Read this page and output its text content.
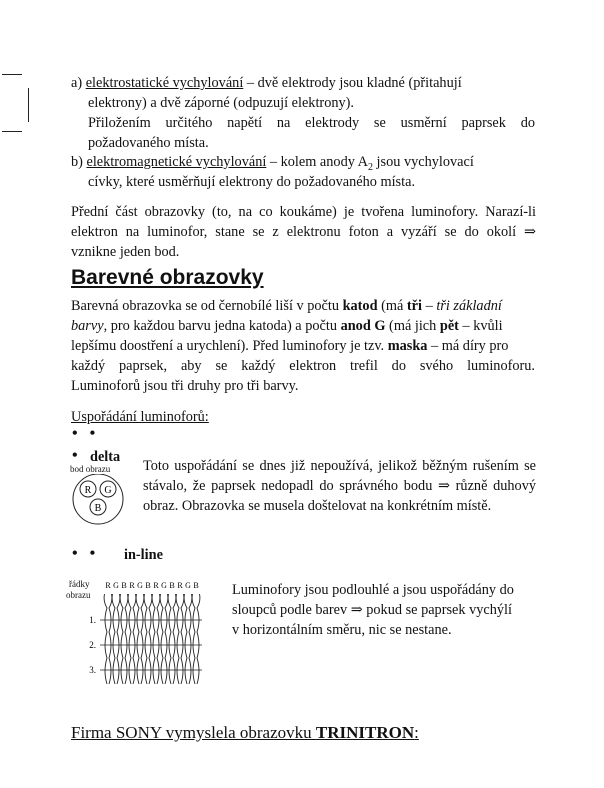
a) elektrostatické vychylování – dvě elektrody jsou kladné (přitahují

elektrony) a dvě záporné (odpuzují elektrony).

Přiložením určitého napětí na elektrody se usměrní paprsek do

požadovaného místa.

b) elektromagnetické vychylování – kolem anody $A_2$ jsou vychylovací

cívky, které usměrňují elektrony do požadovaného místa.

Přední část obrazovky (to, na co koukáme) je tvořena luminofory. Narazí-li

elektron na luminofor, stane se z elektronu foton a vyzáří se do okolí ⇒

vznikne jeden bod.

Barevné obrazovky

Barevná obrazovka se od černobílé liší v počtu katod (má tři – tři základní

barvy, pro každou barvu jedna katoda) a počtu anod G (má jich pět – kvůli

lepšímu doostření a urychlení). Před luminofory je tzv. maska – má díry pro

každý paprsek, aby se každý elektron trefil do svého luminoforu.

Luminoforů jsou tři druhy pro tři barvy.

Uspořádání luminoforů:

•   •
• delta
bod obrazu
R G
B

Toto uspořádání se dnes již nepoužívá, jelikož běžným rušením se stávalo, že paprsek nedopadl do správného bodu ⇒ různě duhový obraz. Obrazovka se musela doštelovat na konkrétním místě.

•   • in-line
řádky
obrazu
R G B R G B R G B R G B
1.
2.
3.

Luminofory jsou podlouhlé a jsou uspořádány do

sloupců podle barev ⇒ pokud se paprsek vychýlí

v horizontálním směru, nic se nestane.

Firma SONY vymyslela obrazovku TRINITRON:
